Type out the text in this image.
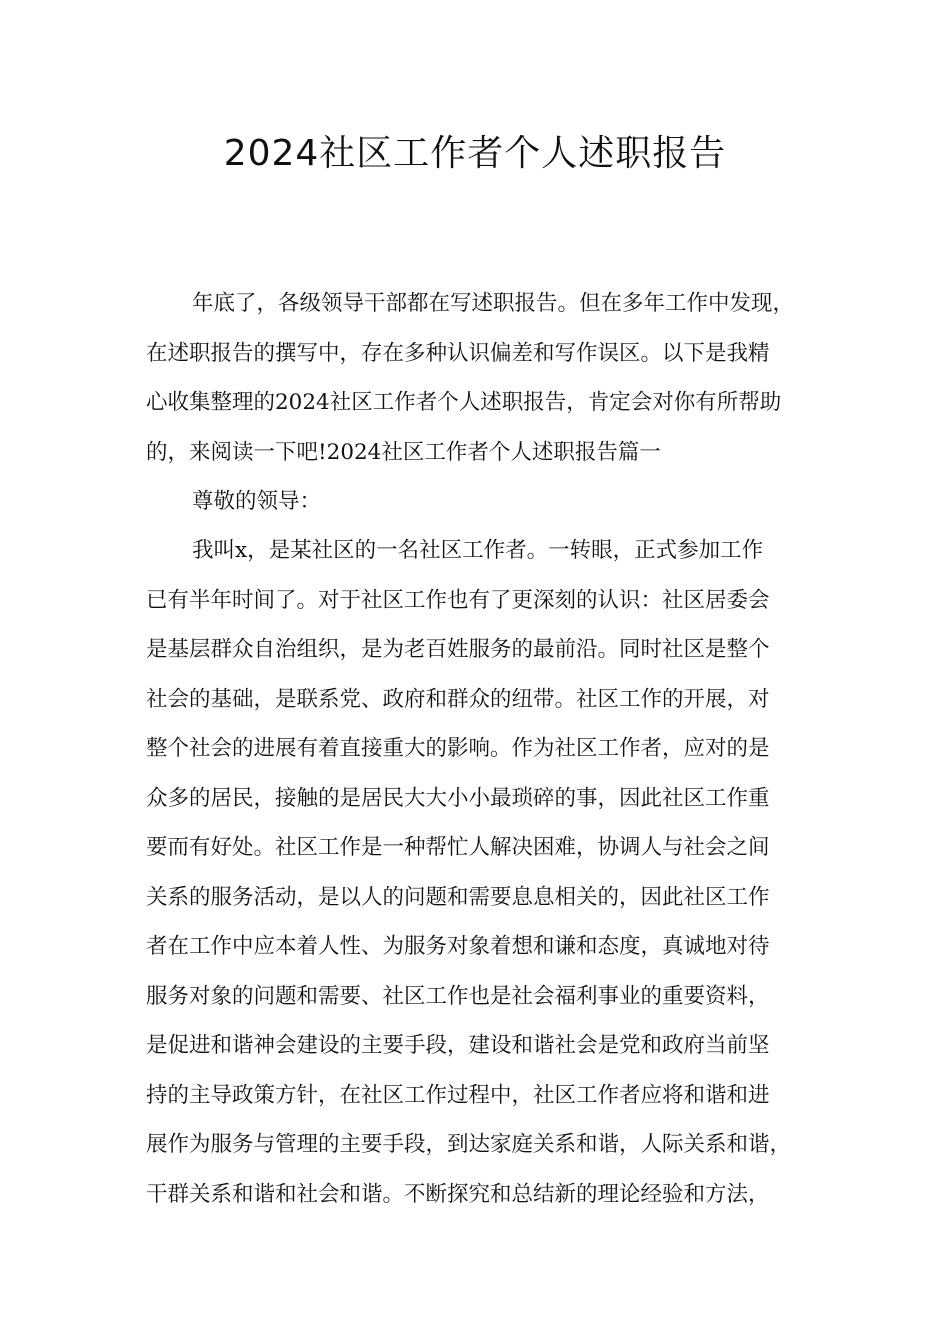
2024社区工作者个人述职报告
年底了，各级领导干部都在写述职报告。但在多年工作中发现，
在述职报告的撰写中，存在多种认识偏差和写作误区。以下是我精
心收集整理的2024社区工作者个人述职报告，肯定会对你有所帮助
的，来阅读一下吧!2024社区工作者个人述职报告篇一
尊敬的领导：
我叫x，是某社区的一名社区工作者。一转眼，正式参加工作
已有半年时间了。对于社区工作也有了更深刻的认识：社区居委会
是基层群众自治组织，是为老百姓服务的最前沿。同时社区是整个
社会的基础，是联系党、政府和群众的纽带。社区工作的开展，对
整个社会的进展有着直接重大的影响。作为社区工作者，应对的是
众多的居民，接触的是居民大大小小最琐碎的事，因此社区工作重
要而有好处。社区工作是一种帮忙人解决困难，协调人与社会之间
关系的服务活动，是以人的问题和需要息息相关的，因此社区工作
者在工作中应本着人性、为服务对象着想和谦和态度，真诚地对待
服务对象的问题和需要、社区工作也是社会福利事业的重要资料，
是促进和谐神会建设的主要手段，建设和谐社会是党和政府当前坚
持的主导政策方针，在社区工作过程中，社区工作者应将和谐和进
展作为服务与管理的主要手段，到达家庭关系和谐，人际关系和谐，
干群关系和谐和社会和谐。不断探究和总结新的理论经验和方法，
